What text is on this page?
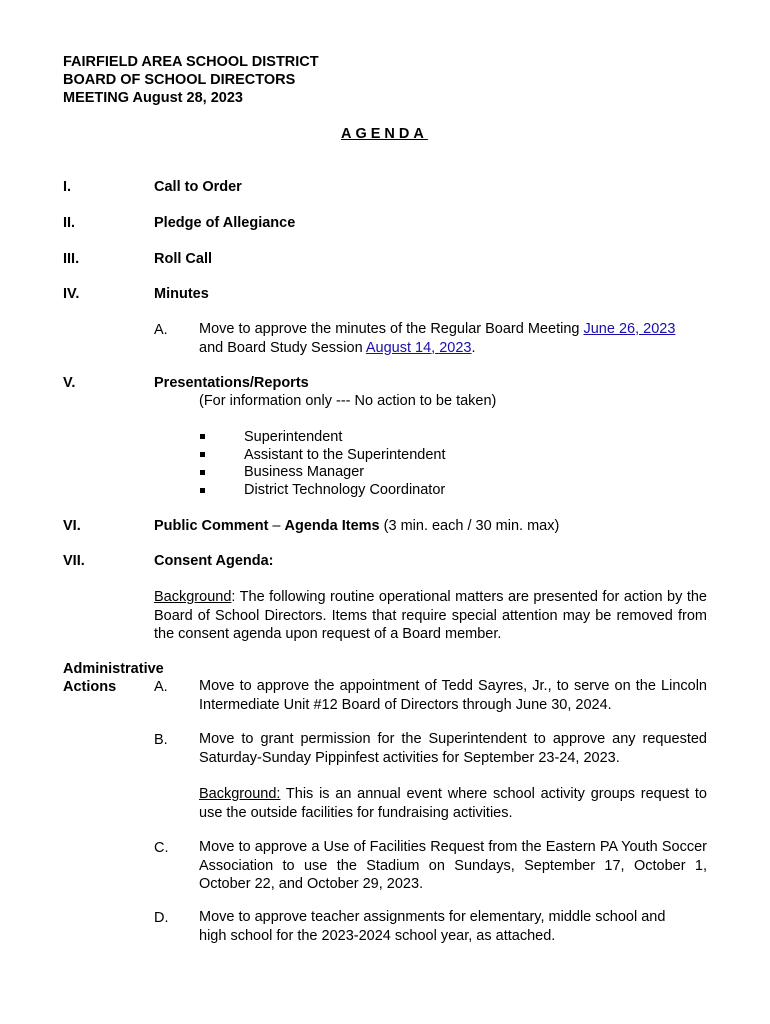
FAIRFIELD AREA SCHOOL DISTRICT
BOARD OF SCHOOL DIRECTORS
MEETING August 28, 2023
AGENDA
I.	Call to Order
II.	Pledge of Allegiance
III.	Roll Call
IV.	Minutes
A. Move to approve the minutes of the Regular Board Meeting June 26, 2023
and Board Study Session August 14, 2023.
V.	Presentations/Reports
(For information only --- No action to be taken)
Superintendent
Assistant to the Superintendent
Business Manager
District Technology Coordinator
VI.	Public Comment – Agenda Items (3 min. each / 30 min. max)
VII.	Consent Agenda:
Background: The following routine operational matters are presented for action by the Board of School Directors. Items that require special attention may be removed from the consent agenda upon request of a Board member.
Administrative
Actions	A. Move to approve the appointment of Tedd Sayres, Jr., to serve on the Lincoln Intermediate Unit #12 Board of Directors through June 30, 2024.
B. Move to grant permission for the Superintendent to approve any requested Saturday-Sunday Pippinfest activities for September 23-24, 2023.
Background: This is an annual event where school activity groups request to use the outside facilities for fundraising activities.
C. Move to approve a Use of Facilities Request from the Eastern PA Youth Soccer Association to use the Stadium on Sundays, September 17, October 1, October 22, and October 29, 2023.
D. Move to approve teacher assignments for elementary, middle school and high school for the 2023-2024 school year, as attached.
